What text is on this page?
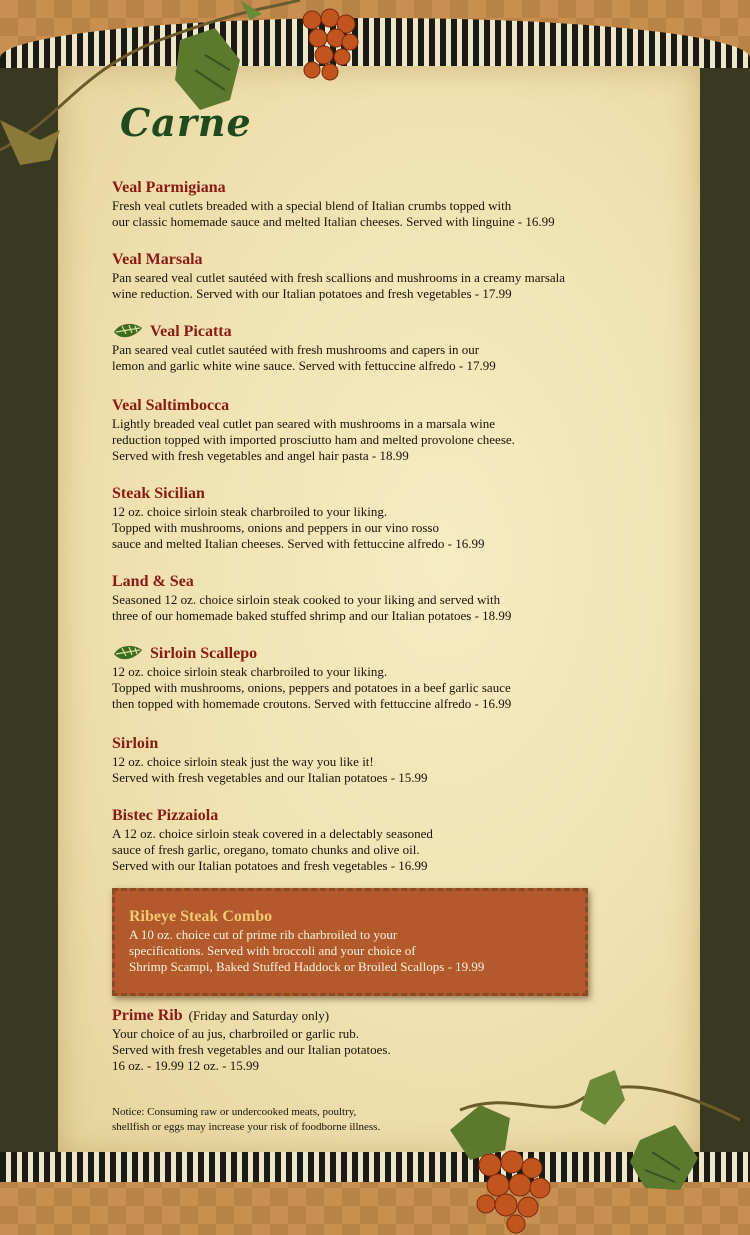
Carne
Veal Parmigiana

Fresh veal cutlets breaded with a special blend of Italian crumbs topped with
our classic homemade sauce and melted Italian cheeses. Served with linguine - 16.99

Veal Marsala

Pan seared veal cutlet sautéed with fresh scallions and mushrooms in a creamy marsala
wine reduction. Served with our Italian potatoes and fresh vegetables - 17.99

Veal Picatta

Pan seared veal cutlet sautéed with fresh mushrooms and capers in our
lemon and garlic white wine sauce. Served with fettuccine alfredo - 17.99

Veal Saltimbocca

Lightly breaded veal cutlet pan seared with mushrooms in a marsala wine
reduction topped with imported prosciutto ham and melted provolone cheese.
Served with fresh vegetables and angel hair pasta - 18.99

Steak Sicilian

12 oz. choice sirloin steak charbroiled to your liking.
Topped with mushrooms, onions and peppers in our vino rosso
sauce and melted Italian cheeses. Served with fettuccine alfredo - 16.99

Land & Sea

Seasoned 12 oz. choice sirloin steak cooked to your liking and served with
three of our homemade baked stuffed shrimp and our Italian potatoes - 18.99

Sirloin Scallepo

12 oz. choice sirloin steak charbroiled to your liking.
Topped with mushrooms, onions, peppers and potatoes in a beef garlic sauce
then topped with homemade croutons. Served with fettuccine alfredo - 16.99

Sirloin

12 oz. choice sirloin steak just the way you like it!
Served with fresh vegetables and our Italian potatoes - 15.99

Bistec Pizzaiola

A 12 oz. choice sirloin steak covered in a delectably seasoned
sauce of fresh garlic, oregano, tomato chunks and olive oil.
Served with our Italian potatoes and fresh vegetables - 16.99

Ribeye Steak Combo

A 10 oz. choice cut of prime rib charbroiled to your
specifications. Served with broccoli and your choice of
Shrimp Scampi, Baked Stuffed Haddock or Broiled Scallops - 19.99

Prime Rib (Friday and Saturday only)

Your choice of au jus, charbroiled or garlic rub.
Served with fresh vegetables and our Italian potatoes.
16 oz. - 19.99 12 oz. - 15.99

Notice: Consuming raw or undercooked meats, poultry,
shellfish or eggs may increase your risk of foodborne illness.
